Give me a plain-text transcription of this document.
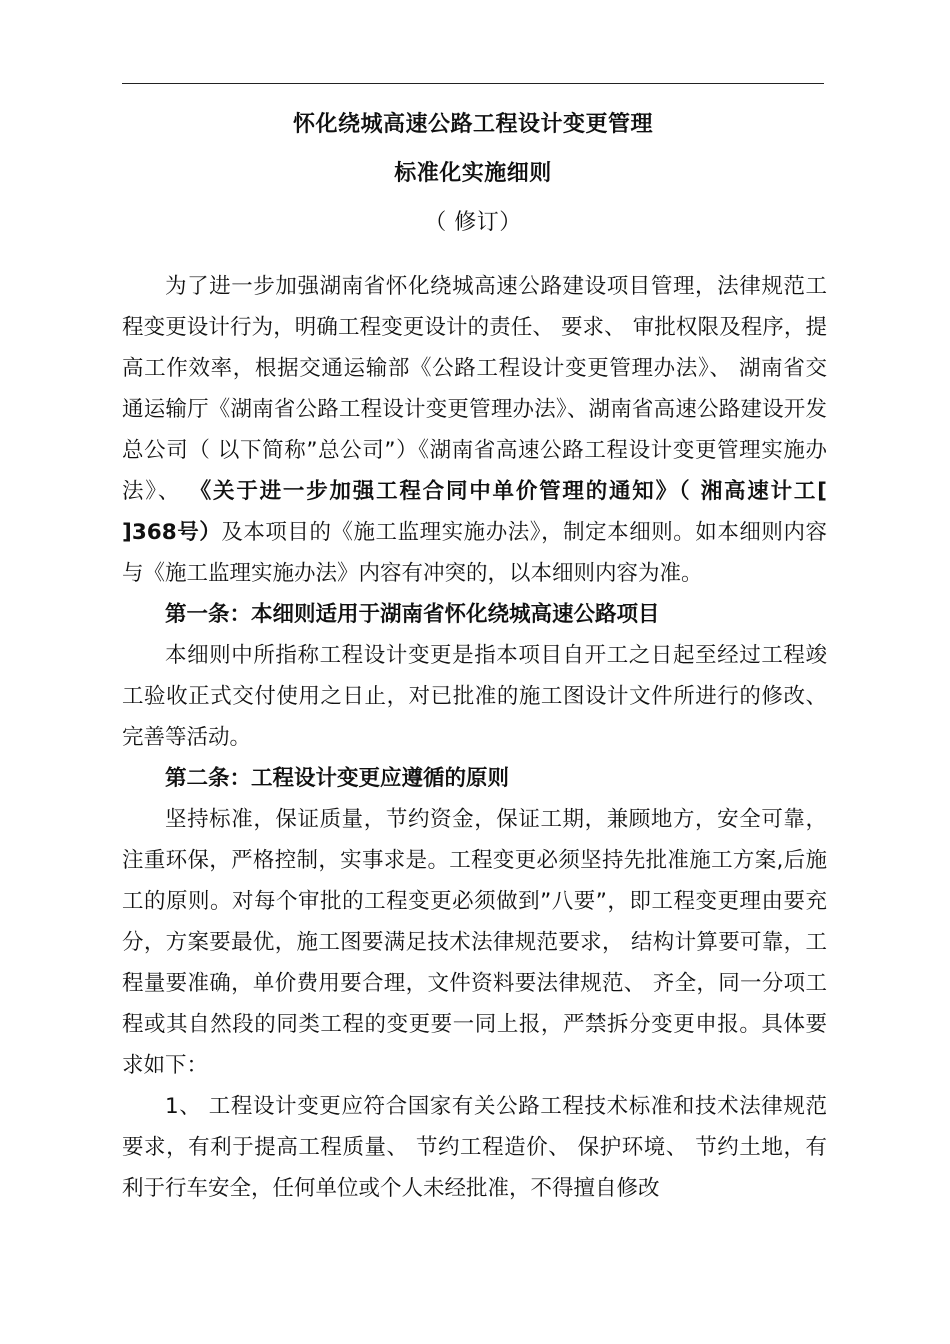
怀化绕城高速公路工程设计变更管理
标准化实施细则
（ 修订）

为了进一步加强湖南省怀化绕城高速公路建设项目管理，法律规范工程变更设计行为，明确工程变更设计的责任、 要求、 审批权限及程序，提高工作效率，根据交通运输部《公路工程设计变更管理办法》、 湖南省交通运输厅《湖南省公路工程设计变更管理办法》、湖南省高速公路建设开发总公司（ 以下简称”总公司”）《湖南省高速公路工程设计变更管理实施办法》、 《关于进一步加强工程合同中单价管理的通知》（ 湘高速计工[ ]368号）及本项目的《施工监理实施办法》，制定本细则。如本细则内容与《施工监理实施办法》内容有冲突的，以本细则内容为准。

第一条：本细则适用于湖南省怀化绕城高速公路项目

本细则中所指称工程设计变更是指本项目自开工之日起至经过工程竣工验收正式交付使用之日止，对已批准的施工图设计文件所进行的修改、 完善等活动。

第二条：工程设计变更应遵循的原则

坚持标准，保证质量，节约资金，保证工期，兼顾地方，安全可靠，注重环保，严格控制，实事求是。工程变更必须坚持先批准施工方案,后施工的原则。对每个审批的工程变更必须做到”八要”，即工程变更理由要充分，方案要最优，施工图要满足技术法律规范要求， 结构计算要可靠，工程量要准确，单价费用要合理，文件资料要法律规范、 齐全，同一分项工程或其自然段的同类工程的变更要一同上报，严禁拆分变更申报。具体要求如下：

1、 工程设计变更应符合国家有关公路工程技术标准和技术法律规范要求，有利于提高工程质量、 节约工程造价、 保护环境、 节约土地，有利于行车安全，任何单位或个人未经批准，不得擅自修改
